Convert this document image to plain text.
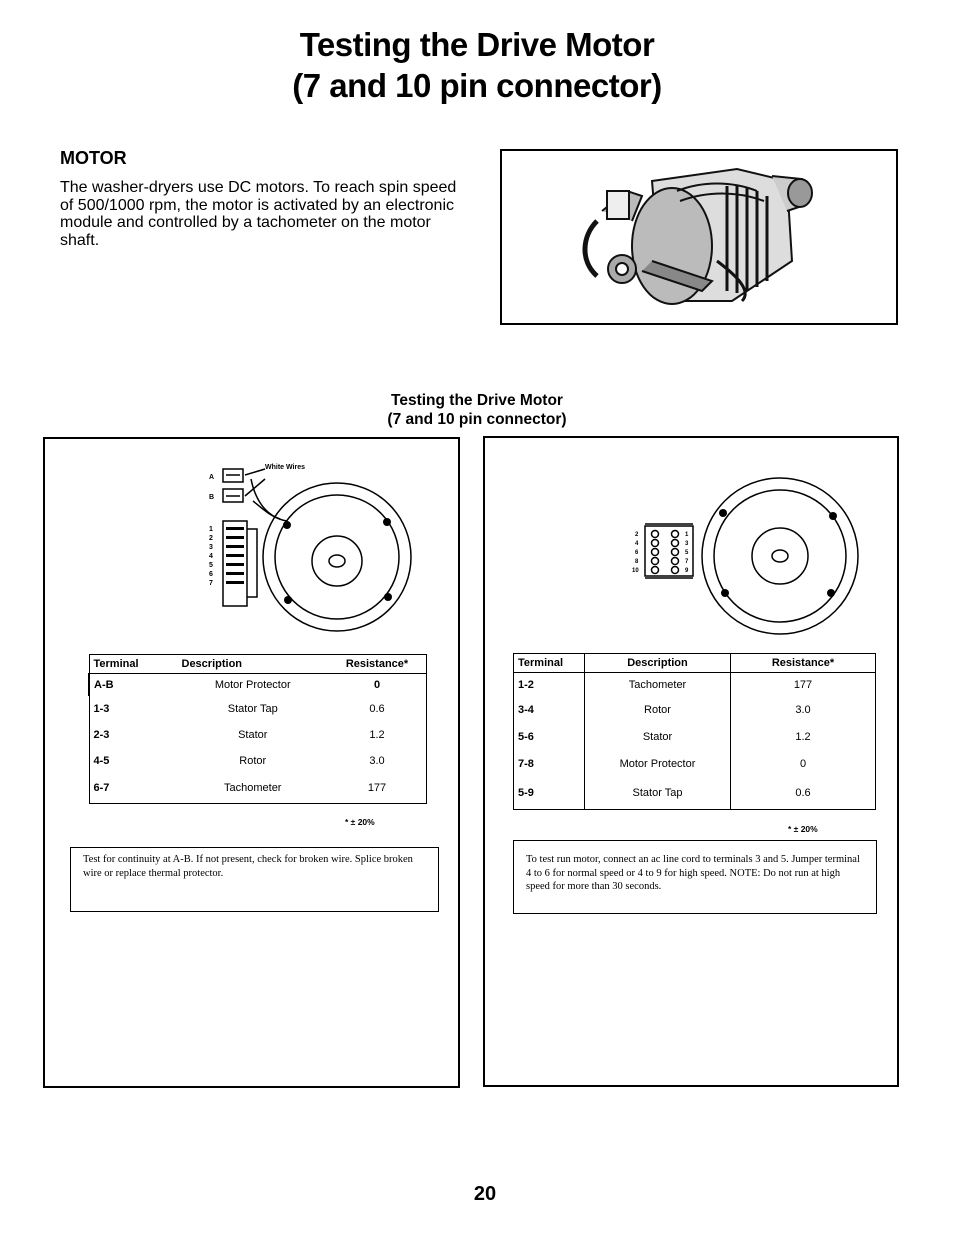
Testing the Drive Motor
(7 and 10 pin connector)
MOTOR
The washer-dryers use DC motors. To reach spin speed of 500/1000 rpm, the motor is activated by an electronic module and controlled by a tachometer on the motor shaft.
Testing the Drive Motor
(7 and 10 pin connector)
A
B
White Wires
1
2
3
4
5
6
7
Terminal	Description	Resistance*
A-B	Motor Protector	0
1-3	Stator Tap	0.6
2-3	Stator	1.2
4-5	Rotor	3.0
6-7	Tachometer	177
* ± 20%
Test for continuity at A-B. If not present, check for broken wire. Splice broken wire or replace thermal protector.
2
4
6
8
10
1
3
5
7
9
Terminal	Description	Resistance*
1-2	Tachometer	177
3-4	Rotor	3.0
5-6	Stator	1.2
7-8	Motor Protector	0
5-9	Stator Tap	0.6
* ± 20%
To test run motor, connect an ac line cord to terminals 3 and 5. Jumper terminal 4 to 6 for normal speed or 4 to 9 for high speed. NOTE: Do not run at high speed for more than 30 seconds.
20
